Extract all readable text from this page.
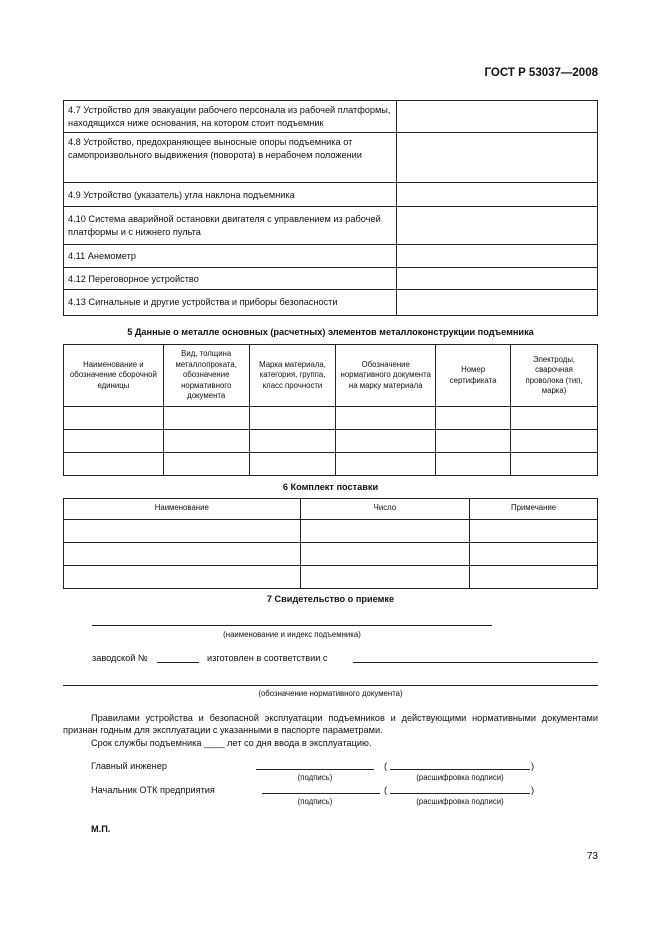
ГОСТ Р 53037—2008
4.7 Устройство для эвакуации рабочего персонала из рабочей платформы, находящихся ниже основания, на котором стоит подъемник	
4.8 Устройство, предохраняющее выносные опоры подъемника от самопроизвольного выдвижения (поворота) в нерабочем положении	
4.9 Устройство (указатель) угла наклона подъемника	
4.10 Система аварийной остановки двигателя с управлением из рабочей платформы и с нижнего пульта	
4.11 Анемометр	
4.12 Переговорное устройство	
4.13 Сигнальные и другие устройства и приборы безопасности	
5 Данные о металле основных (расчетных) элементов металлоконструкции подъемника
Наименование и обозначение сборочной единицы	Вид, толщина металлопроката, обозначение нормативного документа	Марка материала, категория, группа, класс прочности	Обозначение нормативного документа на марку материала	Номер сертификата	Электроды, сварочная проволока (тип, марка)

6 Комплект поставки
Наименование	Число	Примечание

7 Свидетельство о приемке
(наименование и индекс подъемника)
заводской №	изготовлен в соответствии с
(обозначение нормативного документа)
Правилами устройства и безопасной эксплуатации подъемников и действующими нормативными документами признан годным для эксплуатации с указанными в паспорте параметрами.
Срок службы подъемника ____ лет со дня ввода в эксплуатацию.
Главный инженер	(	)
(подпись)	(расшифровка подписи)
Начальник ОТК предприятия	(	)
(подпись)	(расшифровка подписи)
М.П.
73
